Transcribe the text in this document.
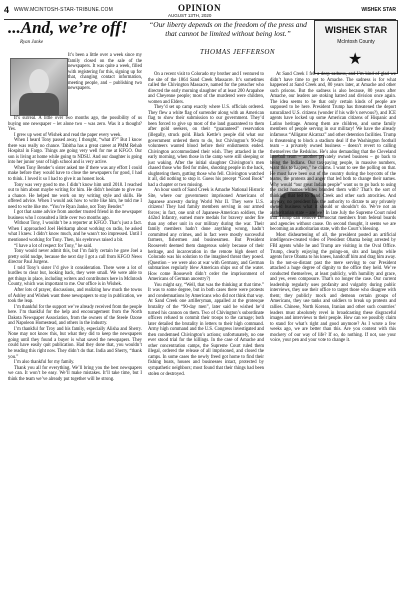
4 WWW.MCINTOSH-STAR-TRIBUNE.COM	OPINION
AUGUST 13TH, 2020
WISHEK STAR
...And, we’re off!
Ryan Janke

It’s been a little over a week since my family closed on the sale of the newspapers. It was quite a week, filled with registering for this, signing up for that, changing contact information, meeting people, and – publishing two newspapers.

It’s surreal. A little over two months ago, the possibility of us buying one newspaper – let alone two – was zero. Was it a thought? Yes.

I grew up west of Wishek and read the paper every week.

When I heard Tony passed away, I thought, “what if?” But I know there was really no chance. Tabitha has a great career at PMM Rehab Hospital in Fargo. Things are going very well for me at KFGO. Our son is living at home while going to NDSU. And our daughter is going into her junior year of high school and is very active.

When Tony Bender’s sister asked me if there was any effort I could make before they would have to close the newspapers for good, I had to think. I loved it so I had to give it an honest look.

Tony was very good to me. I didn’t know him until 2018. I reached out to him about maybe writing for him. He didn’t hesitate to give me a chance. He helped me work on my writing style and skills. He offered advice. When I would ask how to write like him, he told me I need to write like me. “You’re Ryan Janke, not Tony Bender.”

I got that same advice from another trusted friend in the newspaper business who I consulted a little over two months ago.

Without Tony, I wouldn’t be a reporter at KFGO. That’s just a fact. When I approached Joel Heitkamp about working on radio, he asked what I knew. I didn’t know much, and he wasn’t too impressed. Until I mentioned working for Tony. Then, his eyebrows raised a bit.

“I have a lot of respect for Tony,” he said.

Tony would never admit this, but I’m fairly certain he gave Joel a pretty solid nudge, because the next day I got a call from KFGO News director Paul Jurgens.

I told Tony’s sister I’d give it consideration. There were a lot of hurdles to clear but, looking back, they were small. We were able to get things in place, including writers and contributors here in McIntosh County, which was important to me. Our office is in Wishek.

After lots of prayer, discussions, and realizing how much the towns of Ashley and Wishek want these newspapers to stay in publication, we took the leap.

I’m thankful for the support we’ve already received from the people here. I’m thankful for the help and encouragement from the North Dakota Newspaper Association, from the owners of the Steele Ozone and Napoleon Homestead, and others in the industry.

I’m thankful for Troy and his family, especially Alisha and Sherry. None may not know this, but what they did to keep the newspapers going until they found a buyer is what saved the newspapers. They could have easily quit publication. Had they done that, you wouldn’t be reading this right now. They didn’t do that. India and Sherry, “thank you.”

I’m also thankful for my family.

Thank you all for everything. We’ll bring you the best newspapers we can. It won’t be easy. We’ll make mistakes. It’ll take time, but I think the team we’ve already put together will be strong.

“Our liberty depends on the freedom of the press and that cannot be limited without being lost.”
THOMAS JEFFERSON
WISHEK STAR
McIntosh County
★

On a recent visit to Colorado my brother and I ventured to the site of the 1864 Sand Creek Massacre. It’s sometimes called the Chivington Massacre, named for the preacher who directed the early morning slaughter of at least 200 Arapahoe and Cheyenne people; most of the murdered were children, women and Elders.

They’d set up camp exactly where U.S. officials ordered. They flew a white flag of surrender along with an American flag to show their submission to our government. They’d been forced to give up most of the land guaranteed to them after gold seekers, on their “guaranteed” reservation (illegally, struck gold. Black Kettle’s people did what our government ordered them to do, but Chivington’s 90-day volunteers wanted blood before their enlistments ended. Chivington accommodated their wish. They attacked in the early morning, when those in the camp were still sleeping or just waking. After the initial slaughter Chivington’s men chased those who fled for miles, shooting people in the back, slughtering them, gutting those who fell. Chivington watched it all, did nothing to stop it. Guess his precept “Good Book” had a chapter or two missing.

An hour south of Sand Creek is Amache National Historic Site, where our government imprisoned Americans of Japanese ancestry during World War II. They were U.S. citizens! They had family members serving in our armed forces; in fact, one unit of Japanese-American soldiers, the 442nd Infantry, earned more medals for bravery under fire than any other unit in our military during the war. Their family members hadn’t done anything wrong, hadn’t committed any crimes, and in fact were mostly successful farmers, fishermen and businessmen. But President Roosevelt deemed them dangerous solely because of their heritage, and incarceration in the remote high desert of Colorado was his solution to the imagined threat they posed. (Question – we were also at war with Germany, and German submarines regularly blew American ships out of the water. How come Roosevelt didn’t order the imprisonment of Americans of German ancestry?)

You might say, “Well, that was the thinking at that time.” It was to some degree, but in both cases there were protests and condemnations by Americans who did not think that way. At Sand Creek one artilleryman, appalled at the grotesque brutality of the “90-day men”, later said he wished he’d turned his cannon on them. Two of Chivington’s subordinate officers refused to commit their troops to the carnage; both later detailed the brutality in letters to their high command. Army high command and the U.S. Congress investigated and then condemned Chivington’s actions; unfortunately, no one ever stood trial for the killings. In the case of Amache and other concentration camps, the Supreme Court ruled them illegal, ordered the release of all imprisoned, and closed the camps. In some cases the newly freed got home to find their fishing boats, houses and businesses intact, protected by sympathetic neighbors; most found that their things had been stolen or destroyed.

At Sand Creek I felt a deep sadness, and I’m kind of glad we didn’t have time to get to Amache. The sadness is for what happened at Sand Creek and, 80 years later, at Amache and other such prisons. But the sadness is also because, 80 years after Amache, our leaders are stoking hatred and division once again. The idea seems to be that only certain kinds of people are supposed to be here. President Trump has threatened the deport naturalized U.S. citizens (wonder if his wife’s nervous?), and ICE agents have locked up some American citizens of Hispanic and Latino heritage. Among them are children, and some family members of people serving in our military! We have the already infamous “Alligator Alcatraz” and other detention facilities. Trump is threatening to block a stadium deal if the Washington football team – a privately owned business – doesn’t revert to calling themselves the Redskins. He’s also demanding that the Cleveland baseball team – another privately owned business – go back to being the Indians. Our tax-paying people, in massive numbers, want this to happen,” he claims. I want to see the polling on that. He must have been out of the country during the boycotts of the teams, the protests and anger that led both to change their names. Why would “our great Indian people” want us to go back to using the racist names whites branded them with? That’s the sort of thinking that led to Sand Creek and other such atrocities. And anyway, no president has the authority to dictate to any privately owned business what it should or shouldn’t do. We’re not an authoritarian state – are we? In late July the Supreme Court ruled that Trump can remove Democrat members from federal boards and agencies without cause. On second thought, it seems we are becoming an authoritarian state, with the Court’s blessing.

Most disheartening of all, the president posted an artificial intelligence-created video of President Obama being arrested by FBI agents while he and Trump are visiting in the Oval Office. Trump, clearly enjoying the goings-on, sits and laughs while agents force Obama to his knees, handcuff him and drag him away. In the not-so-distant past the mere serving to our President attached a huge degree of dignity to the office they held. We’ve conducted themselves, at least publicly, with humility and grace, and yes, even composure. That’s no longer the case. Our current leadership regularly uses profanity and vulgarity during public interviews, they use their office to target those who disagree with them; they publicly mock and demean certain groups of Americans, they use tanks and soldiers to break up protests and rallies. Chinese, North Korean, Iranian and other such countries’ leaders must absolutely revel in broadcasting these disgraceful images and interviews to their people. How can we possibly claim to stand for what’s right and good anymore? As I wrote a few weeks ago, we are better than this. Are you content with this mockery of our way of life? If so, do nothing. If not, use your voice, your pen and your vote to change it.
